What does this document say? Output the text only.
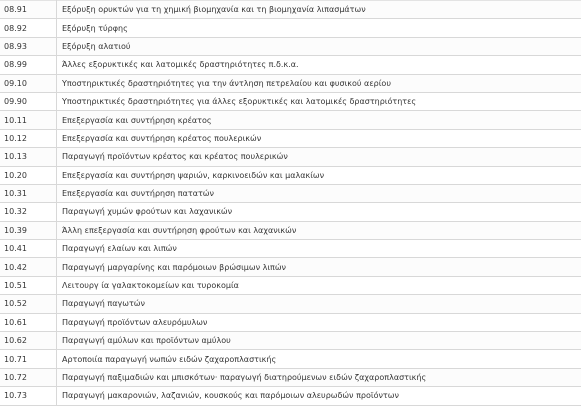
08.91	Εξόρυξη ορυκτών για τη χημική βιομηχανία και τη βιομηχανία λιπασμάτων
08.92	Εξόρυξη τύρφης
08.93	Εξόρυξη αλατιού
08.99	Άλλες εξορυκτικές και λατομικές δραστηριότητες π.δ.κ.α.
09.10	Υποστηρικτικές δραστηριότητες για την άντληση πετρελαίου και φυσικού αερίου
09.90	Υποστηρικτικές δραστηριότητες για άλλες εξορυκτικές και λατομικές δραστηριότητες
10.11	Επεξεργασία και συντήρηση κρέατος
10.12	Επεξεργασία και συντήρηση κρέατος πουλερικών
10.13	Παραγωγή προϊόντων κρέατος και κρέατος πουλερικών
10.20	Επεξεργασία και συντήρηση ψαριών, καρκινοειδών και μαλακίων
10.31	Επεξεργασία και συντήρηση πατατών
10.32	Παραγωγή χυμών φρούτων και λαχανικών
10.39	Άλλη επεξεργασία και συντήρηση φρούτων και λαχανικών
10.41	Παραγωγή ελαίων και λιπών
10.42	Παραγωγή μαργαρίνης και παρόμοιων βρώσιμων λιπών
10.51	Λειτουργ ία γαλακτοκομείων και τυροκομία
10.52	Παραγωγή παγωτών
10.61	Παραγωγή προϊόντων αλευρόμυλων
10.62	Παραγωγή αμύλων και προϊόντων αμύλου
10.71	Αρτοποιία παραγωγή νωπών ειδών ζαχαροπλαστικής
10.72	Παραγωγή παξιμαδιών και μπισκότων· παραγωγή διατηρούμενων ειδών ζαχαροπλαστικής
10.73	Παραγωγή μακαρονιών, λαζανιών, κουσκούς και παρόμοιων αλευρωδών προϊόντων
